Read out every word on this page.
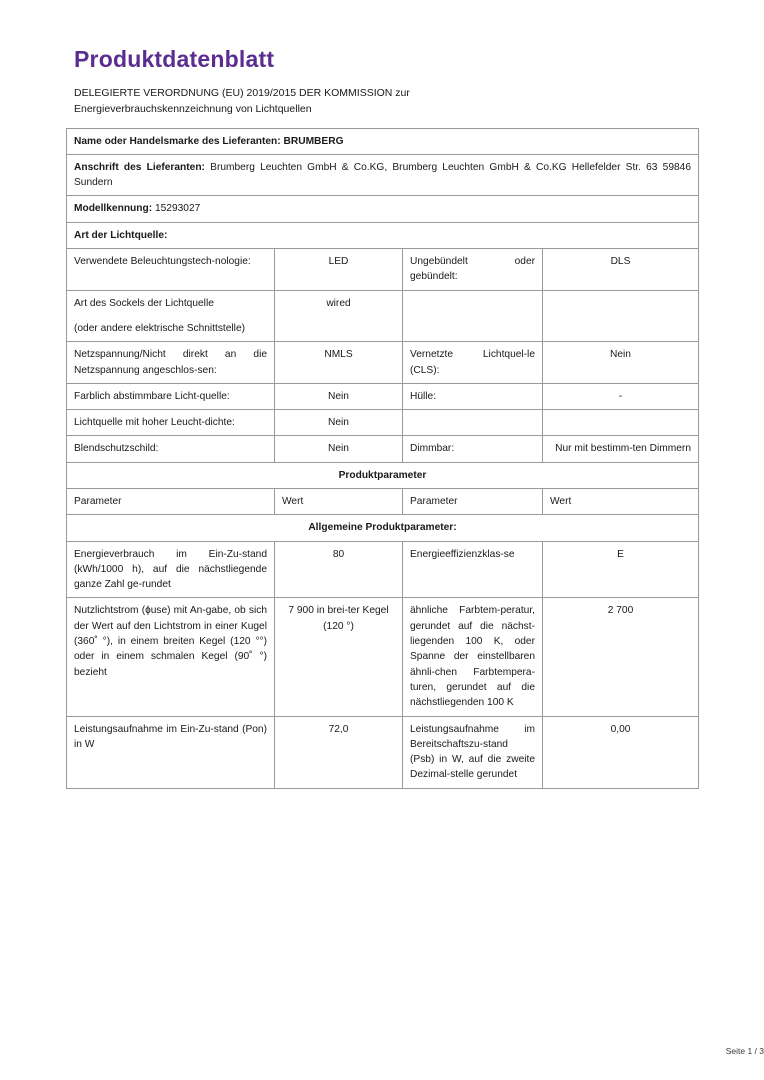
Produktdatenblatt
DELEGIERTE VERORDNUNG (EU) 2019/2015 DER KOMMISSION zur
Energieverbrauchskennzeichnung von Lichtquellen
Name oder Handelsmarke des Lieferanten: BRUMBERG			
Anschrift des Lieferanten: Brumberg Leuchten GmbH & Co.KG, Brumberg Leuchten GmbH & Co.KG Hellefelder Str. 63 59846 Sundern			
Modellkennung: 15293027			
Art der Lichtquelle:			
Verwendete Beleuchtungstech-nologie:	LED	Ungebündelt oder gebündelt:	DLS
Art des Sockels der Lichtquelle	wired		
(oder andere elektrische Schnittstelle)			
Netzspannung/Nicht direkt an die Netzspannung angeschlos-sen:	NMLS	Vernetzte Lichtquel-le (CLS):	Nein
Farblich abstimmbare Licht-quelle:	Nein	Hülle:	-
Lichtquelle mit hoher Leucht-dichte:	Nein		
Blendschutzschild:	Nein	Dimmbar:	Nur mit bestimm-ten Dimmern
Produktparameter			
Parameter	Wert	Parameter	Wert
Allgemeine Produktparameter:			
Energieverbrauch im Ein-Zu-stand (kWh/1000 h), auf die nächstliegende ganze Zahl ge-rundet	80	Energieeffizienzklas-se	E
Nutzlichtstrom (ɸuse) mit An-gabe, ob sich der Wert auf den Lichtstrom in einer Kugel (360˚ °), in einem breiten Kegel (120 °°) oder in einem schmalen Kegel (90˚ °) bezieht	7 900 in brei-ter Kegel (120 °)	ähnliche Farbtem-peratur, gerundet auf die nächst-liegenden 100 K, oder Spanne der einstellbaren ähnli-chen Farbtempera-turen, gerundet auf die nächstliegenden 100 K	2 700
Leistungsaufnahme im Ein-Zu-stand (Pon) in W	72,0	Leistungsaufnahme im Bereitschaftszu-stand (Psb) in W, auf die zweite Dezimal-stelle gerundet	0,00
Seite 1 / 3
